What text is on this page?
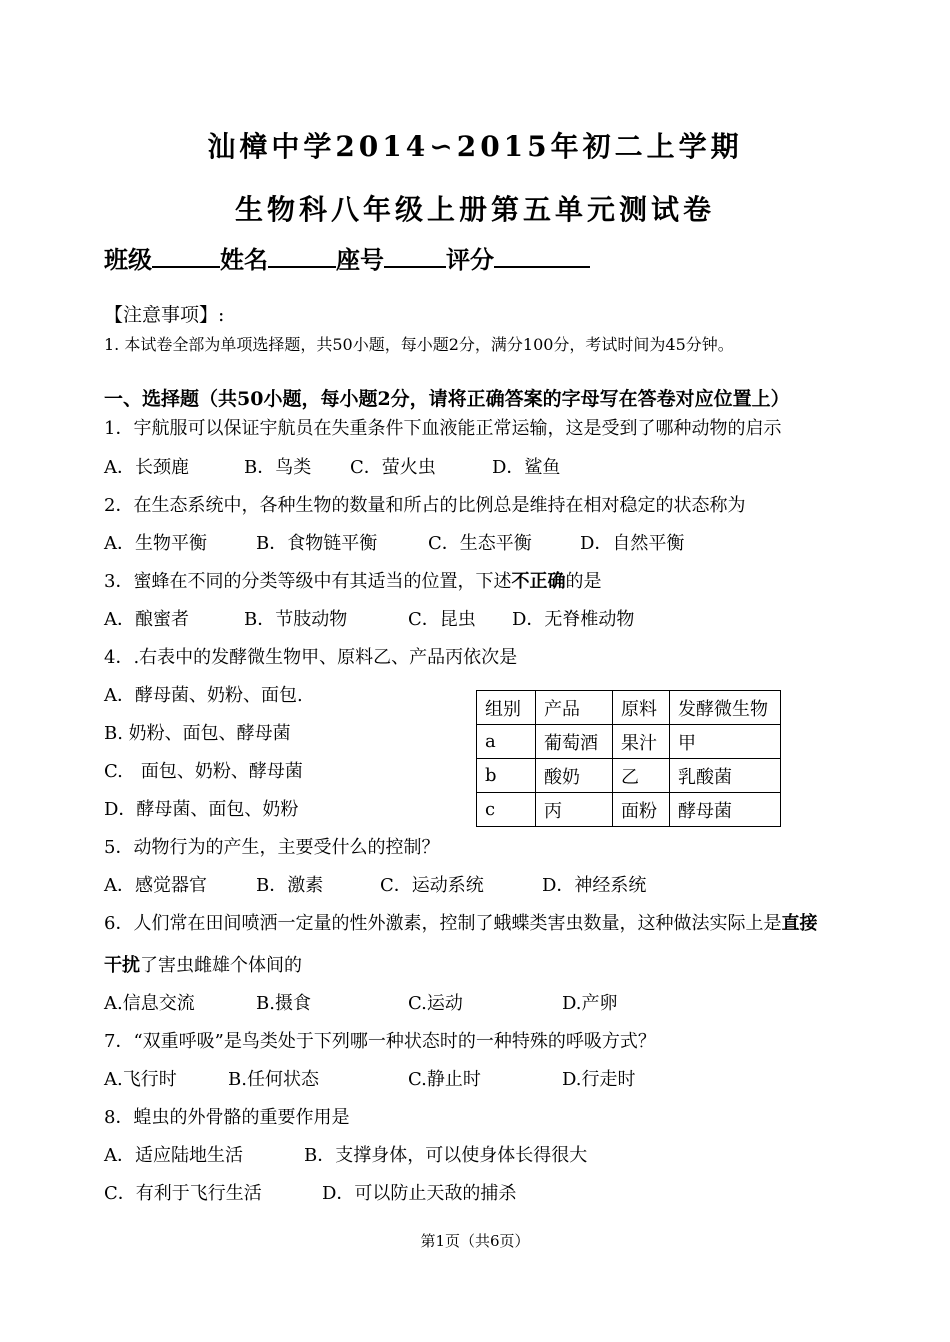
汕樟中学2014∽2015年初二上学期
生物科八年级上册第五单元测试卷
班级	姓名	座号	评分
【注意事项】:
1. 本试卷全部为单项选择题，共50小题，每小题2分，满分100分，考试时间为45分钟。
一、选择题（共50小题，每小题2分，请将正确答案的字母写在答卷对应位置上）
1．宇航服可以保证宇航员在失重条件下血液能正常运输，这是受到了哪种动物的启示
A．长颈鹿	B．鸟类 C．萤火虫	D．鲨鱼
2．在生态系统中，各种生物的数量和所占的比例总是维持在相对稳定的状态称为
A．生物平衡	B．食物链平衡	C．生态平衡	D．自然平衡
3．蜜蜂在不同的分类等级中有其适当的位置，下述不正确的是
A．酿蜜者	B．节肢动物	C．昆虫 D．无脊椎动物
4．.右表中的发酵微生物甲、原料乙、产品丙依次是
A．酵母菌、奶粉、面包.
B. 奶粉、面包、酵母菌
C.　面包、奶粉、酵母菌
D．酵母菌、面包、奶粉
组别	产品	原料	发酵微生物
a	葡萄酒	果汁	甲
b	酸奶	乙	乳酸菌
c	丙	面粉	酵母菌
5．动物行为的产生，主要受什么的控制？
A．感觉器官	B．激素	C．运动系统	D．神经系统
6．人们常在田间喷洒一定量的性外激素，控制了蛾蝶类害虫数量，这种做法实际上是直接
干扰了害虫雌雄个体间的
A.信息交流	B.摄食	C.运动	D.产卵
7．“双重呼吸”是鸟类处于下列哪一种状态时的一种特殊的呼吸方式？
A.飞行时	B.任何状态	C.静止时	D.行走时
8．蝗虫的外骨骼的重要作用是
A．适应陆地生活	B．支撑身体，可以使身体长得很大
C．有利于飞行生活	D．可以防止天敌的捕杀
第1页（共6页）
